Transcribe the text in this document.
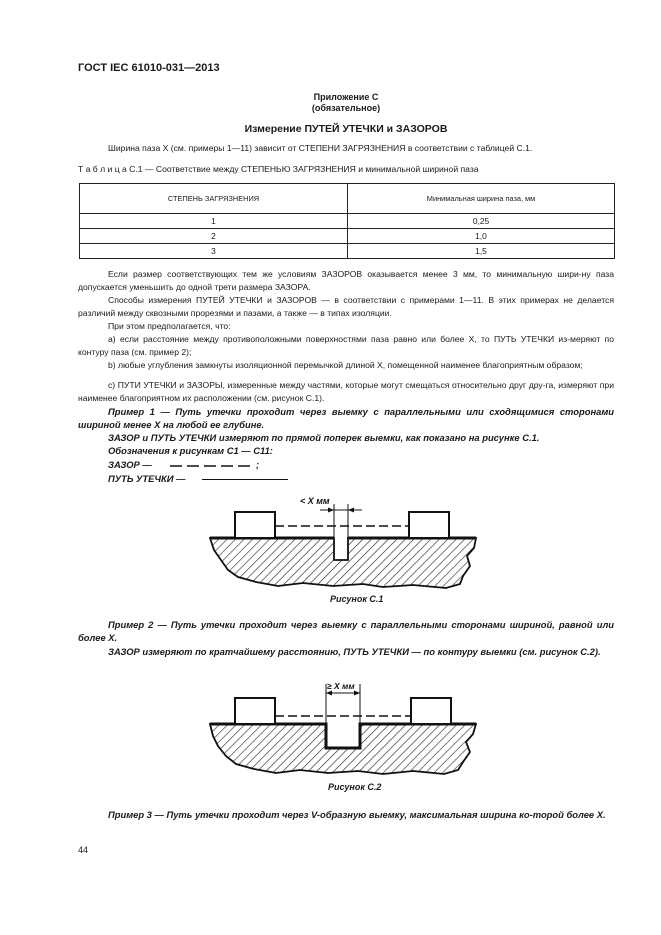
ГОСТ IEC 61010-031—2013
Приложение С
(обязательное)
Измерение ПУТЕЙ УТЕЧКИ и ЗАЗОРОВ
Ширина паза X (см. примеры 1—11) зависит от СТЕПЕНИ ЗАГРЯЗНЕНИЯ в соответствии с таблицей С.1.
Т а б л и ц а С.1 — Соответствие между СТЕПЕНЬЮ ЗАГРЯЗНЕНИЯ и минимальной шириной паза
СТЕПЕНЬ ЗАГРЯЗНЕНИЯ	Минимальная ширина паза, мм
1	0,25
2	1,0
3	1,5
Если размер соответствующих тем же условиям ЗАЗОРОВ оказывается менее 3 мм, то минимальную шири-ну паза допускается уменьшить до одной трети размера ЗАЗОРА.
Способы измерения ПУТЕЙ УТЕЧКИ и ЗАЗОРОВ — в соответствии с примерами 1—11. В этих примерах не делается различий между сквозными прорезями и пазами, а также — в типах изоляции.
При этом предполагается, что:
а) если расстояние между противоположными поверхностями паза равно или более X, то ПУТЬ УТЕЧКИ из-меряют по контуру паза (см. пример 2);
b) любые углубления замкнуты изоляционной перемычкой длиной X, помещенной наименее благоприятным образом;
с) ПУТИ УТЕЧКИ и ЗАЗОРЫ, измеренные между частями, которые могут смещаться относительно друг дру-га, измеряют при наименее благоприятном их расположении (см. рисунок С.1).
Пример 1 — Путь утечки проходит через выемку с параллельными или сходящимися сторонами шириной менее X на любой ее глубине.
ЗАЗОР и ПУТЬ УТЕЧКИ измеряют по прямой поперек выемки, как показано на рисунке С.1.
Обозначения к рисункам С1 — С11:
ЗАЗОР —	;
ПУТЬ УТЕЧКИ —
< X мм
Рисунок С.1
Пример 2 — Путь утечки проходит через выемку с параллельными сторонами шириной, равной или более X.
ЗАЗОР измеряют по кратчайшему расстоянию, ПУТЬ УТЕЧКИ — по контуру выемки (см. рисунок С.2).
≥ X мм
Рисунок С.2
Пример 3 — Путь утечки проходит через V-образную выемку, максимальная ширина ко-торой более X.
44
